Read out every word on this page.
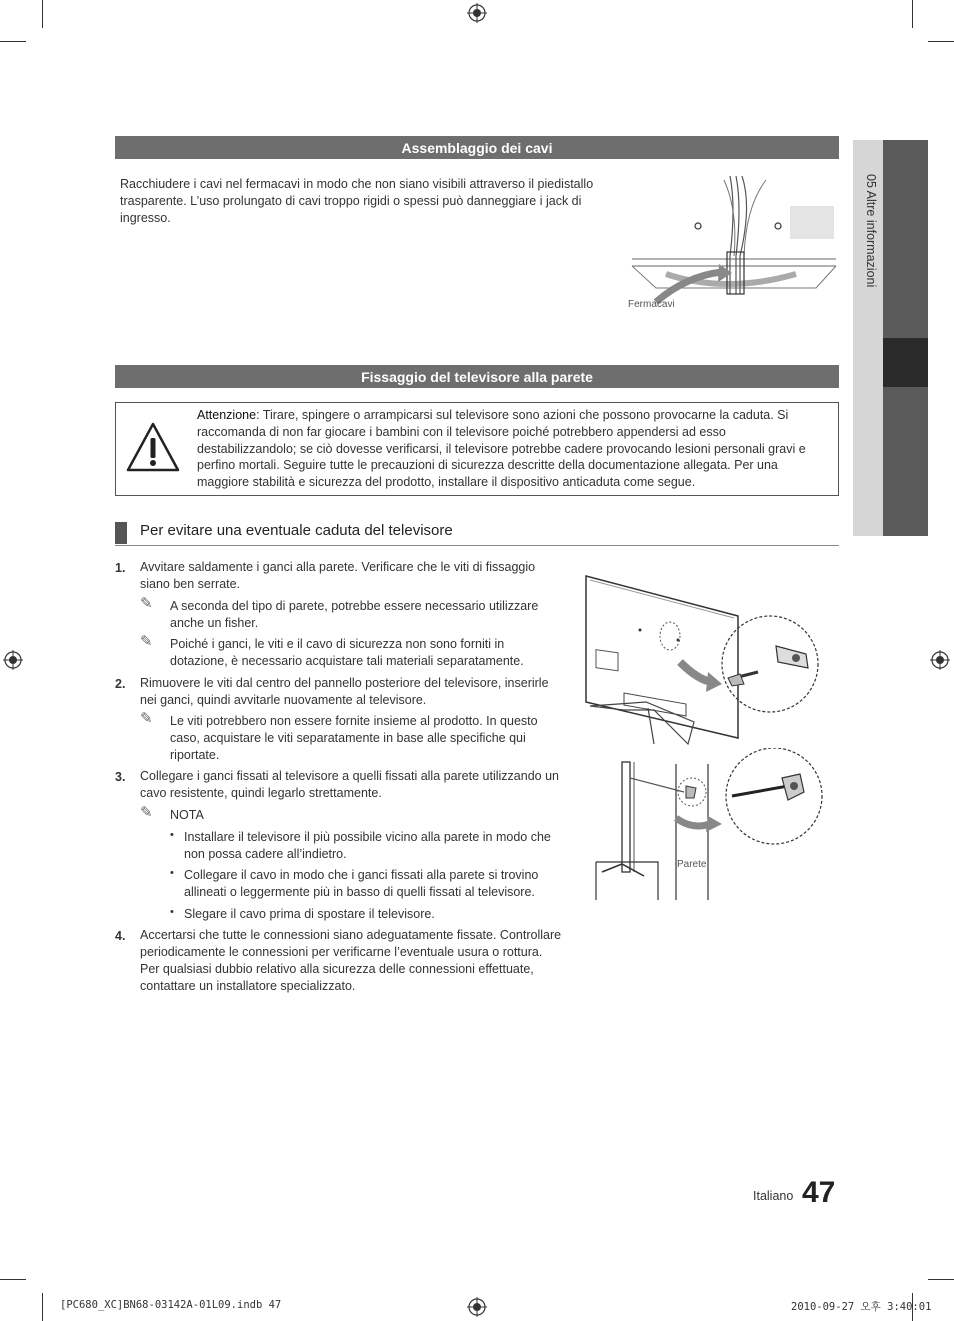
05 Altre informazioni
Assemblaggio dei cavi
Racchiudere i cavi nel fermacavi in modo che non siano visibili attraverso il piedistallo trasparente. L’uso prolungato di cavi troppo rigidi o spessi può danneggiare i jack di ingresso.
Fermacavi
Fissaggio del televisore alla parete
Attenzione: Tirare, spingere o arrampicarsi sul televisore sono azioni che possono provocarne la caduta. Si raccomanda di non far giocare i bambini con il televisore poiché potrebbero appendersi ad esso destabilizzandolo; se ciò dovesse verificarsi, il televisore potrebbe cadere provocando lesioni personali gravi e perfino mortali. Seguire tutte le precauzioni di sicurezza descritte della documentazione allegata. Per una maggiore stabilità e sicurezza del prodotto, installare il dispositivo anticaduta come segue.
Per evitare una eventuale caduta del televisore
1. Avvitare saldamente i ganci alla parete. Verificare che le viti di fissaggio siano ben serrate.
✎ A seconda del tipo di parete, potrebbe essere necessario utilizzare anche un fisher.
✎ Poiché i ganci, le viti e il cavo di sicurezza non sono forniti in dotazione, è necessario acquistare tali materiali separatamente.
2. Rimuovere le viti dal centro del pannello posteriore del televisore, inserirle nei ganci, quindi avvitarle nuovamente al televisore.
✎ Le viti potrebbero non essere fornite insieme al prodotto. In questo caso, acquistare le viti separatamente in base alle specifiche qui riportate.
3. Collegare i ganci fissati al televisore a quelli fissati alla parete utilizzando un cavo resistente, quindi legarlo strettamente.
✎ NOTA
• Installare il televisore il più possibile vicino alla parete in modo che non possa cadere all’indietro.
• Collegare il cavo in modo che i ganci fissati alla parete si trovino allineati o leggermente più in basso di quelli fissati al televisore.
• Slegare il cavo prima di spostare il televisore.
4. Accertarsi che tutte le connessioni siano adeguatamente fissate. Controllare periodicamente le connessioni per verificarne l’eventuale usura o rottura. Per qualsiasi dubbio relativo alla sicurezza delle connessioni effettuate, contattare un installatore specializzato.
Parete
Italiano 47
[PC680_XC]BN68-03142A-01L09.indb 47	2010-09-27 오후 3:40:01
